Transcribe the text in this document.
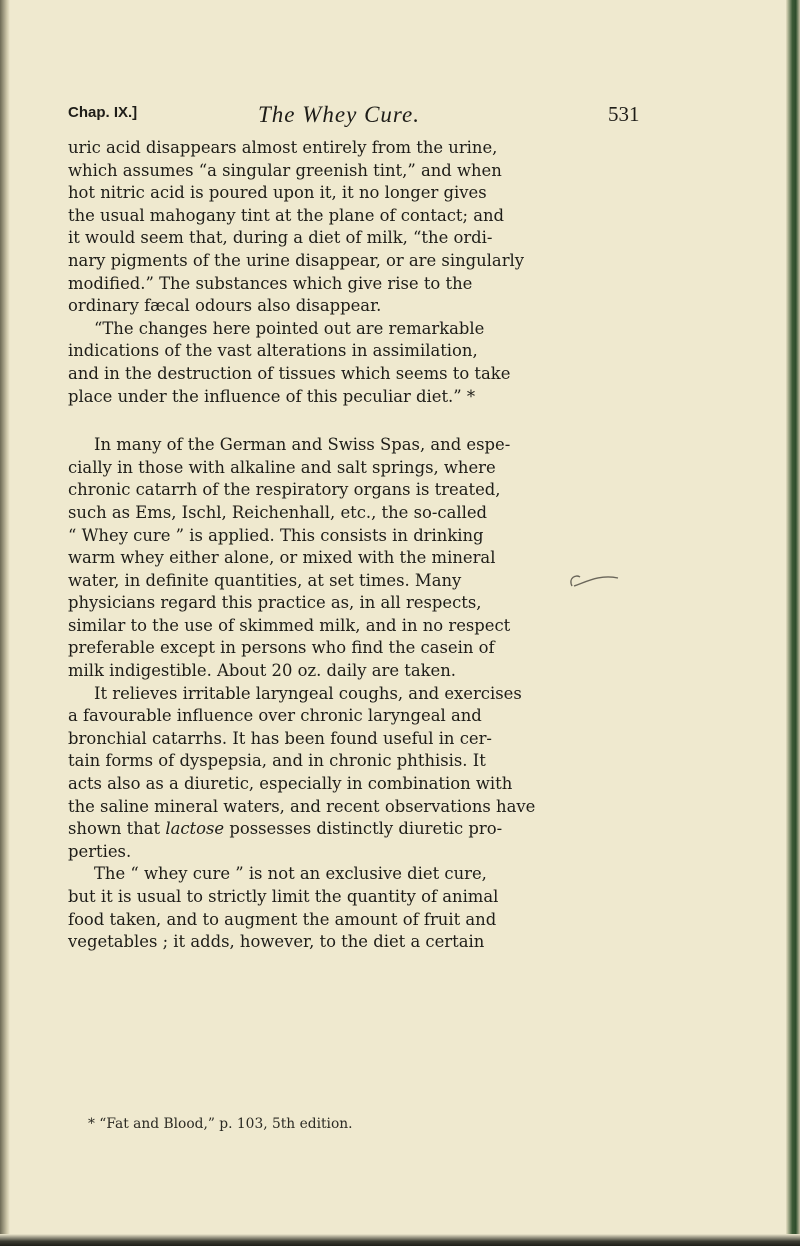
Chap. IX.]	The Whey Cure.	531
uric acid disappears almost entirely from the urine,
which assumes “a singular greenish tint,” and when
hot nitric acid is poured upon it, it no longer gives
the usual mahogany tint at the plane of contact; and
it would seem that, during a diet of milk, “the ordi-
nary pigments of the urine disappear, or are singularly
modified.” The substances which give rise to the
ordinary fæcal odours also disappear.
“The changes here pointed out are remarkable
indications of the vast alterations in assimilation,
and in the destruction of tissues which seems to take
place under the influence of this peculiar diet.” *
In many of the German and Swiss Spas, and espe-
cially in those with alkaline and salt springs, where
chronic catarrh of the respiratory organs is treated,
such as Ems, Ischl, Reichenhall, etc., the so-called
“ Whey cure ” is applied. This consists in drinking
warm whey either alone, or mixed with the mineral
water, in definite quantities, at set times. Many
physicians regard this practice as, in all respects,
similar to the use of skimmed milk, and in no respect
preferable except in persons who find the casein of
milk indigestible. About 20 oz. daily are taken.
It relieves irritable laryngeal coughs, and exercises
a favourable influence over chronic laryngeal and
bronchial catarrhs. It has been found useful in cer-
tain forms of dyspepsia, and in chronic phthisis. It
acts also as a diuretic, especially in combination with
the saline mineral waters, and recent observations have
shown that lactose possesses distinctly diuretic pro-
perties.
The “ whey cure ” is not an exclusive diet cure,
but it is usual to strictly limit the quantity of animal
food taken, and to augment the amount of fruit and
vegetables ; it adds, however, to the diet a certain
* “Fat and Blood,” p. 103, 5th edition.
